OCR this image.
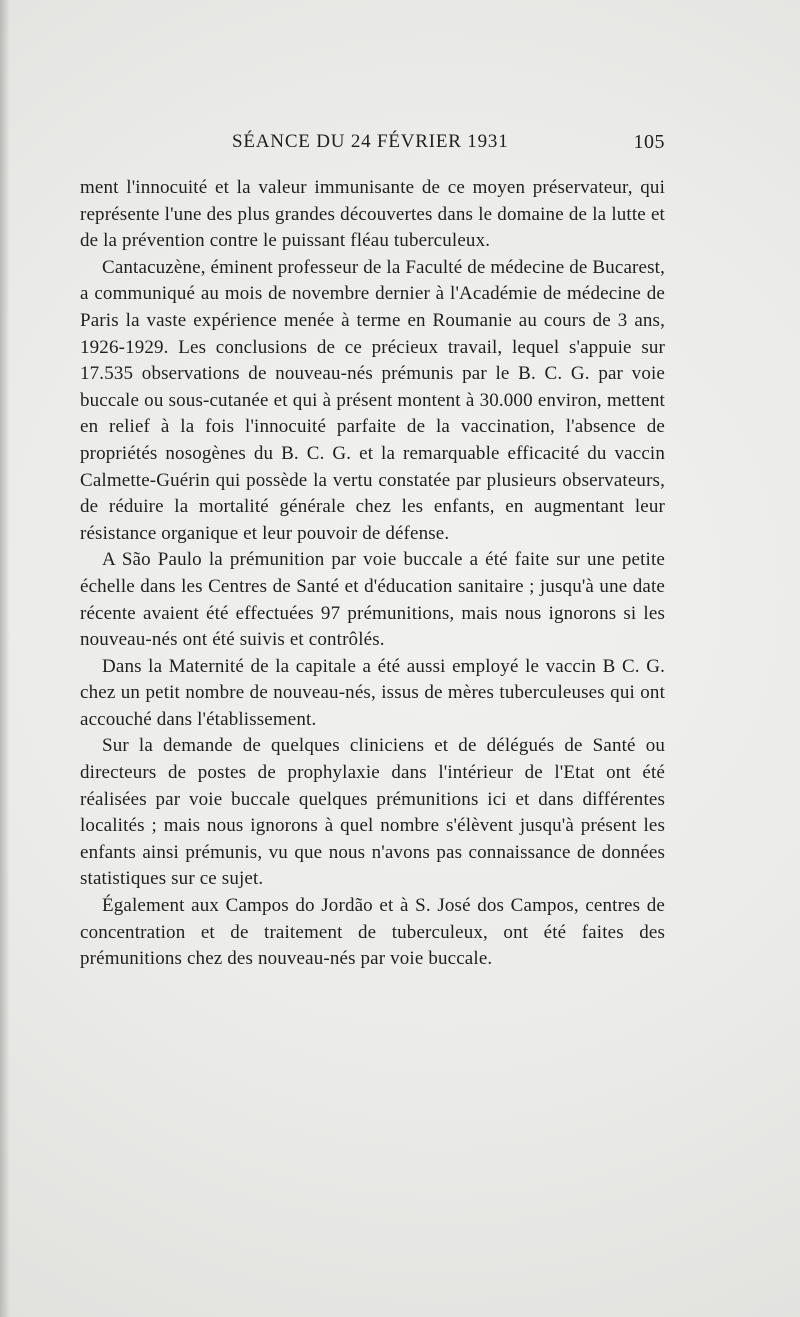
SÉANCE DU 24 FÉVRIER 1931	105

ment l'innocuité et la valeur immunisante de ce moyen préservateur, qui représente l'une des plus grandes découvertes dans le domaine de la lutte et de la prévention contre le puissant fléau tuberculeux.

Cantacuzène, éminent professeur de la Faculté de médecine de Bucarest, a communiqué au mois de novembre dernier à l'Académie de médecine de Paris la vaste expérience menée à terme en Roumanie au cours de 3 ans, 1926-1929. Les conclusions de ce précieux travail, lequel s'appuie sur 17.535 observations de nouveau-nés prémunis par le B. C. G. par voie buccale ou sous-cutanée et qui à présent montent à 30.000 environ, mettent en relief à la fois l'innocuité parfaite de la vaccination, l'absence de propriétés nosogènes du B. C. G. et la remarquable efficacité du vaccin Calmette-Guérin qui possède la vertu constatée par plusieurs observateurs, de réduire la mortalité générale chez les enfants, en augmentant leur résistance organique et leur pouvoir de défense.

A São Paulo la prémunition par voie buccale a été faite sur une petite échelle dans les Centres de Santé et d'éducation sanitaire ; jusqu'à une date récente avaient été effectuées 97 prémunitions, mais nous ignorons si les nouveau-nés ont été suivis et contrôlés.

Dans la Maternité de la capitale a été aussi employé le vaccin B C. G. chez un petit nombre de nouveau-nés, issus de mères tuberculeuses qui ont accouché dans l'établissement.

Sur la demande de quelques cliniciens et de délégués de Santé ou directeurs de postes de prophylaxie dans l'intérieur de l'Etat ont été réalisées par voie buccale quelques prémunitions ici et dans différentes localités ; mais nous ignorons à quel nombre s'élèvent jusqu'à présent les enfants ainsi prémunis, vu que nous n'avons pas connaissance de données statistiques sur ce sujet.

Également aux Campos do Jordão et à S. José dos Campos, centres de concentration et de traitement de tuberculeux, ont été faites des prémunitions chez des nouveau-nés par voie buccale.
